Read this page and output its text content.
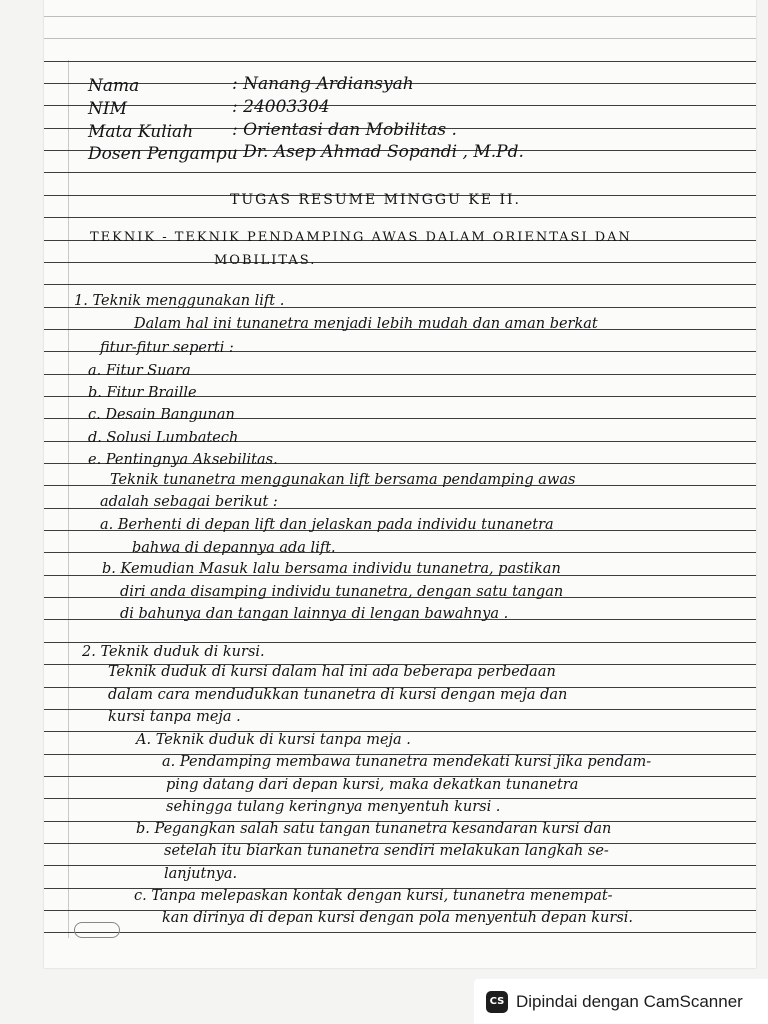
Nama	: Nanang Ardiansyah
NIM	: 24003304
Mata Kuliah : Orientasi dan Mobilitas .
Dosen Pengampu
: Dr. Asep Ahmad Sopandi , M.Pd.
TUGAS RESUME MINGGU KE II.
TEKNIK - TEKNIK PENDAMPING AWAS DALAM ORIENTASI DAN
MOBILITAS.
1. Teknik menggunakan lift .
Dalam hal ini tunanetra menjadi lebih mudah dan aman berkat
fitur-fitur seperti :
a. Fitur Suara
b. Fitur Braille
c. Desain Bangunan
d. Solusi Lumbatech
e. Pentingnya Aksebilitas.
Teknik tunanetra menggunakan lift bersama pendamping awas
adalah sebagai berikut :
a. Berhenti di depan lift dan jelaskan pada individu tunanetra
bahwa di depannya ada lift.
b. Kemudian Masuk lalu bersama individu tunanetra, pastikan
diri anda disamping individu tunanetra, dengan satu tangan
di bahunya dan tangan lainnya di lengan bawahnya .
2. Teknik duduk di kursi.
Teknik duduk di kursi dalam hal ini ada beberapa perbedaan
dalam cara mendudukkan tunanetra di kursi dengan meja dan
kursi tanpa meja .
A. Teknik duduk di kursi tanpa meja .
a. Pendamping membawa tunanetra mendekati kursi jika pendam-
ping datang dari depan kursi, maka dekatkan tunanetra
sehingga tulang keringnya menyentuh kursi .
b. Pegangkan salah satu tangan tunanetra kesandaran kursi dan
setelah itu biarkan tunanetra sendiri melakukan langkah se-
lanjutnya.
c. Tanpa melepaskan kontak dengan kursi, tunanetra menempat-
kan dirinya di depan kursi dengan pola menyentuh depan kursi.
CS Dipindai dengan CamScanner
